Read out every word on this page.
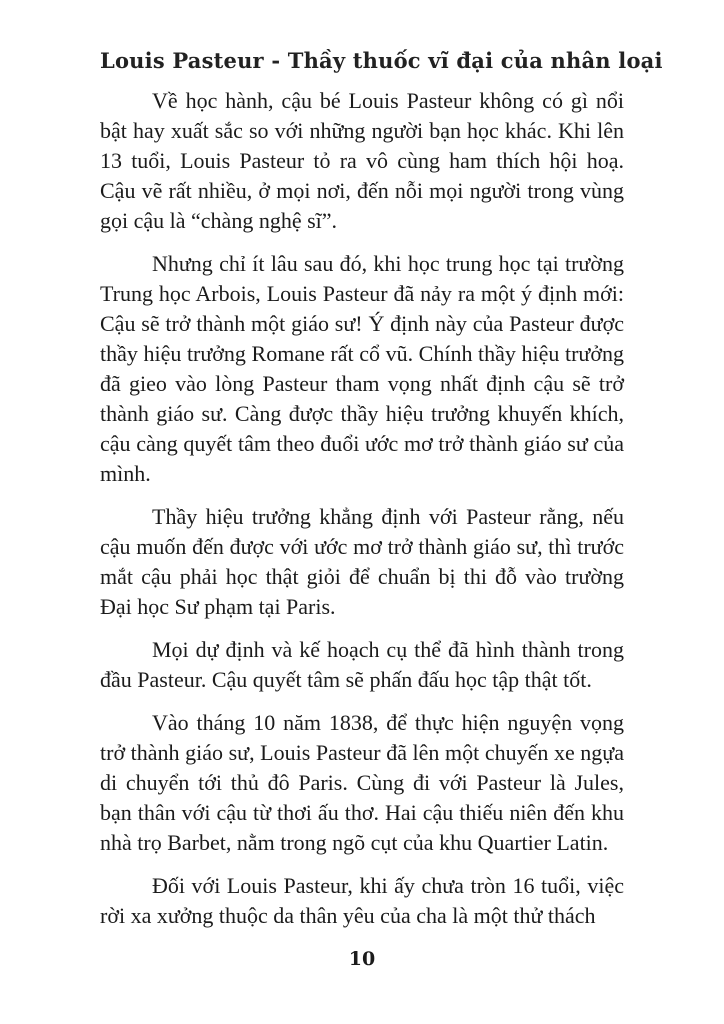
Louis Pasteur - Thầy thuốc vĩ đại của nhân loại

Về học hành, cậu bé Louis Pasteur không có gì nổi bật hay xuất sắc so với những người bạn học khác. Khi lên 13 tuổi, Louis Pasteur tỏ ra vô cùng ham thích hội hoạ. Cậu vẽ rất nhiều, ở mọi nơi, đến nỗi mọi người trong vùng gọi cậu là “chàng nghệ sĩ”.

Nhưng chỉ ít lâu sau đó, khi học trung học tại trường Trung học Arbois, Louis Pasteur đã nảy ra một ý định mới: Cậu sẽ trở thành một giáo sư! Ý định này của Pasteur được thầy hiệu trưởng Romane rất cổ vũ. Chính thầy hiệu trưởng đã gieo vào lòng Pasteur tham vọng nhất định cậu sẽ trở thành giáo sư. Càng được thầy hiệu trưởng khuyến khích, cậu càng quyết tâm theo đuổi ước mơ trở thành giáo sư của mình.

Thầy hiệu trưởng khẳng định với Pasteur rằng, nếu cậu muốn đến được với ước mơ trở thành giáo sư, thì trước mắt cậu phải học thật giỏi để chuẩn bị thi đỗ vào trường Đại học Sư phạm tại Paris.

Mọi dự định và kế hoạch cụ thể đã hình thành trong đầu Pasteur. Cậu quyết tâm sẽ phấn đấu học tập thật tốt.

Vào tháng 10 năm 1838, để thực hiện nguyện vọng trở thành giáo sư, Louis Pasteur đã lên một chuyến xe ngựa di chuyển tới thủ đô Paris. Cùng đi với Pasteur là Jules, bạn thân với cậu từ thơi ấu thơ. Hai cậu thiếu niên đến khu nhà trọ Barbet, nằm trong ngõ cụt của khu Quartier Latin.

Đối với Louis Pasteur, khi ấy chưa tròn 16 tuổi, việc rời xa xưởng thuộc da thân yêu của cha là một thử thách

10
